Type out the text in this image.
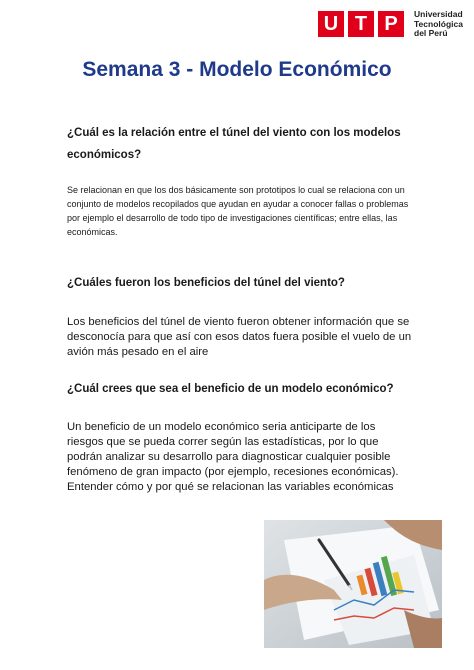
U T P	Universidad
Tecnológica
del Perú
Semana 3 - Modelo Económico

¿Cuál es la relación entre el túnel del viento con los modelos económicos?

Se relacionan en que los dos básicamente son prototipos lo cual se relaciona con un conjunto de modelos recopilados que ayudan en ayudar a conocer fallas o problemas por ejemplo el desarrollo de todo tipo de investigaciones científicas; entre ellas, las económicas.

¿Cuáles fueron los beneficios del túnel del viento?

Los beneficios del túnel de viento fueron obtener información que se desconocía para que así con esos datos fuera posible el vuelo de un avión más pesado en el aire

¿Cuál crees que sea el beneficio de un modelo económico?

Un beneficio de un modelo económico seria anticiparte de los riesgos que se pueda correr según las estadísticas, por lo que podrán analizar su desarrollo para diagnosticar cualquier posible fenómeno de gran impacto (por ejemplo, recesiones económicas). Entender cómo y por qué se relacionan las variables económicas
